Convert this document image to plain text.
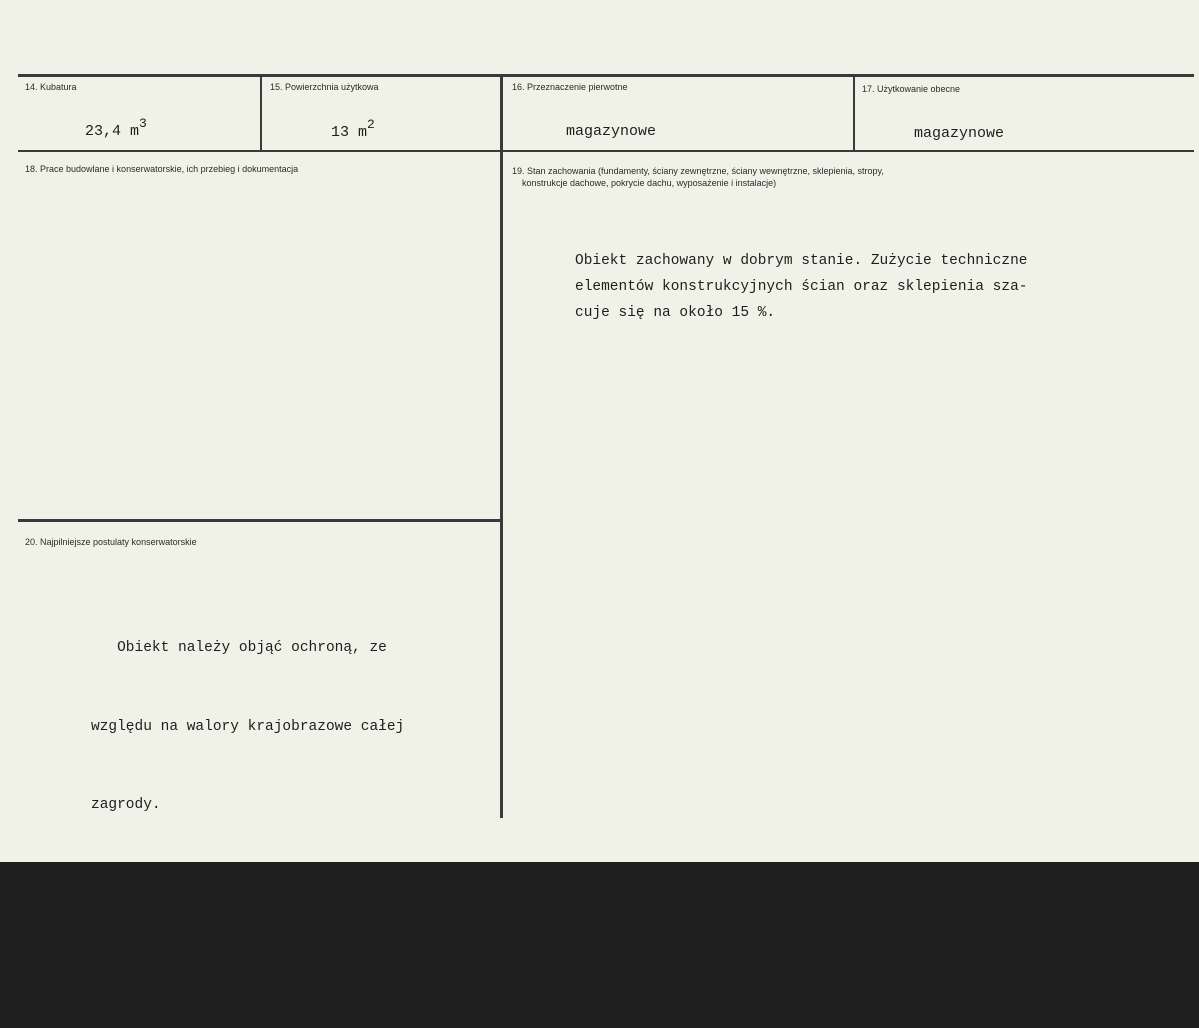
14. Kubatura
23,4 $m^3$
15. Powierzchnia użytkowa
13 $m^2$
16. Przeznaczenie pierwotne
magazynowe
17. Użytkowanie obecne
magazynowe
18. Prace budowlane i konserwatorskie, ich przebieg i dokumentacja	19. Stan zachowania (fundamenty, ściany zewnętrzne, ściany wewnętrzne, sklepienia, stropy,
konstrukcje dachowe, pokrycie dachu, wyposażenie i instalacje)
Obiekt zachowany w dobrym stanie. Zużycie techniczne
elementów konstrukcyjnych ścian oraz sklepienia sza-
cuje się na około 15 %.
20. Najpilniejsze postulaty konserwatorskie

Obiekt należy objąć ochroną, ze

względu na walory krajobrazowe całej

zagrody.

Postuluje się zachowanie obiektu

in situ.
